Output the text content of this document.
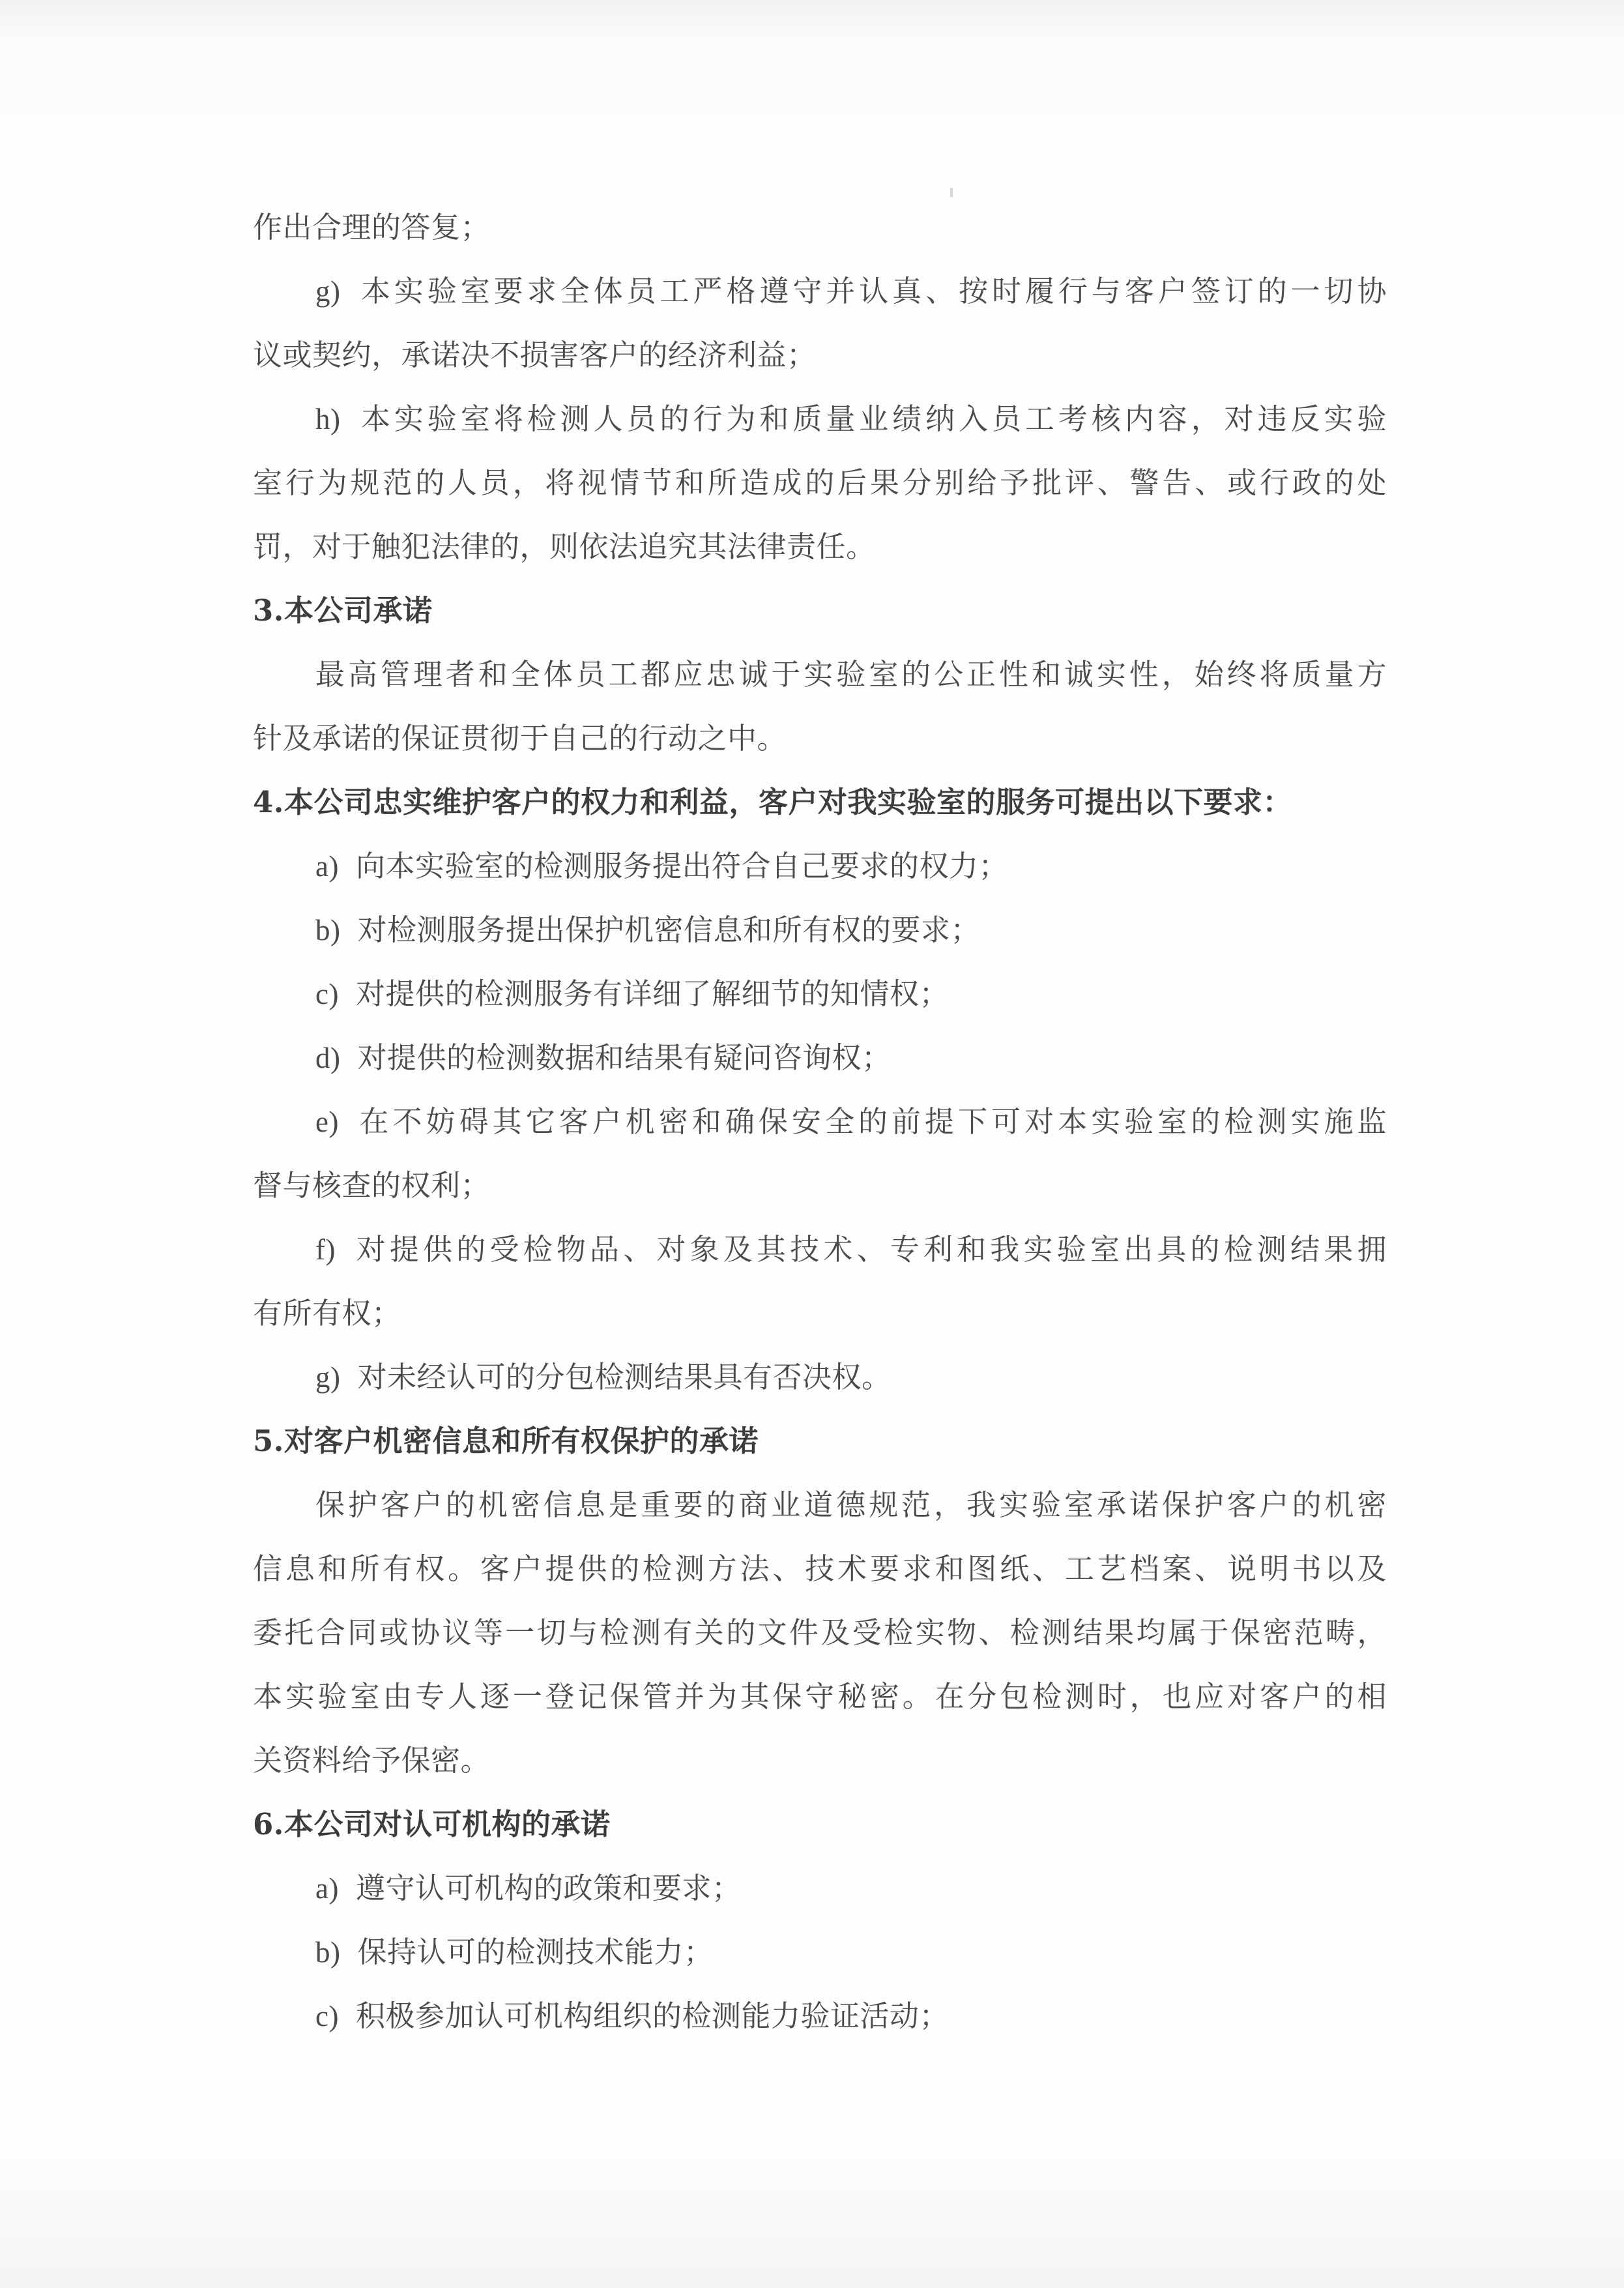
作出合理的答复；
g) 本实验室要求全体员工严格遵守并认真、按时履行与客户签订的一切协
议或契约，承诺决不损害客户的经济利益；
h) 本实验室将检测人员的行为和质量业绩纳入员工考核内容，对违反实验
室行为规范的人员，将视情节和所造成的后果分别给予批评、警告、或行政的处
罚，对于触犯法律的，则依法追究其法律责任。
3.本公司承诺
最高管理者和全体员工都应忠诚于实验室的公正性和诚实性，始终将质量方
针及承诺的保证贯彻于自己的行动之中。
4.本公司忠实维护客户的权力和利益，客户对我实验室的服务可提出以下要求：
a) 向本实验室的检测服务提出符合自己要求的权力；
b) 对检测服务提出保护机密信息和所有权的要求；
c) 对提供的检测服务有详细了解细节的知情权；
d) 对提供的检测数据和结果有疑问咨询权；
e) 在不妨碍其它客户机密和确保安全的前提下可对本实验室的检测实施监
督与核查的权利；
f) 对提供的受检物品、对象及其技术、专利和我实验室出具的检测结果拥
有所有权；
g) 对未经认可的分包检测结果具有否决权。
5.对客户机密信息和所有权保护的承诺
保护客户的机密信息是重要的商业道德规范，我实验室承诺保护客户的机密
信息和所有权。客户提供的检测方法、技术要求和图纸、工艺档案、说明书以及
委托合同或协议等一切与检测有关的文件及受检实物、检测结果均属于保密范畴，
本实验室由专人逐一登记保管并为其保守秘密。在分包检测时，也应对客户的相
关资料给予保密。
6.本公司对认可机构的承诺
a) 遵守认可机构的政策和要求；
b) 保持认可的检测技术能力；
c) 积极参加认可机构组织的检测能力验证活动；
